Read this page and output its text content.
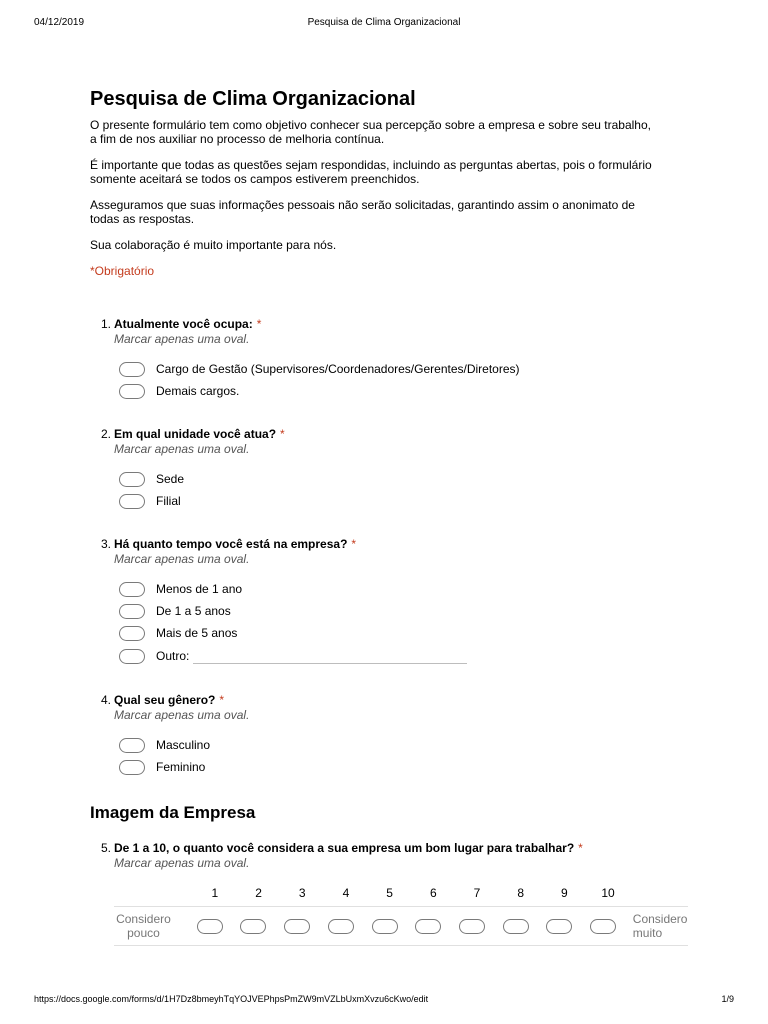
04/12/2019	Pesquisa de Clima Organizacional
Pesquisa de Clima Organizacional

O presente formulário tem como objetivo conhecer sua percepção sobre a empresa e sobre seu trabalho, a fim de nos auxiliar no processo de melhoria contínua.

É importante que todas as questões sejam respondidas, incluindo as perguntas abertas, pois o formulário somente aceitará se todos os campos estiverem preenchidos.

Asseguramos que suas informações pessoais não serão solicitadas, garantindo assim o anonimato de todas as respostas.

Sua colaboração é muito importante para nós.

*Obrigatório
1. Atualmente você ocupa: *
Marcar apenas uma oval.
Cargo de Gestão (Supervisores/Coordenadores/Gerentes/Diretores)
Demais cargos.
2. Em qual unidade você atua? *
Marcar apenas uma oval.
Sede
Filial
3. Há quanto tempo você está na empresa? *
Marcar apenas uma oval.
Menos de 1 ano
De 1 a 5 anos
Mais de 5 anos
Outro:
4. Qual seu gênero? *
Marcar apenas uma oval.
Masculino
Feminino
Imagem da Empresa
5. De 1 a 10, o quanto você considera a sua empresa um bom lugar para trabalhar? *
Marcar apenas uma oval.
1	2	3	4	5	6	7	8	9	10
Considero
pouco
Considero
muito
https://docs.google.com/forms/d/1H7Dz8bmeyhTqYOJVEPhpsPmZW9mVZLbUxmXvzu6cKwo/edit	1/9
